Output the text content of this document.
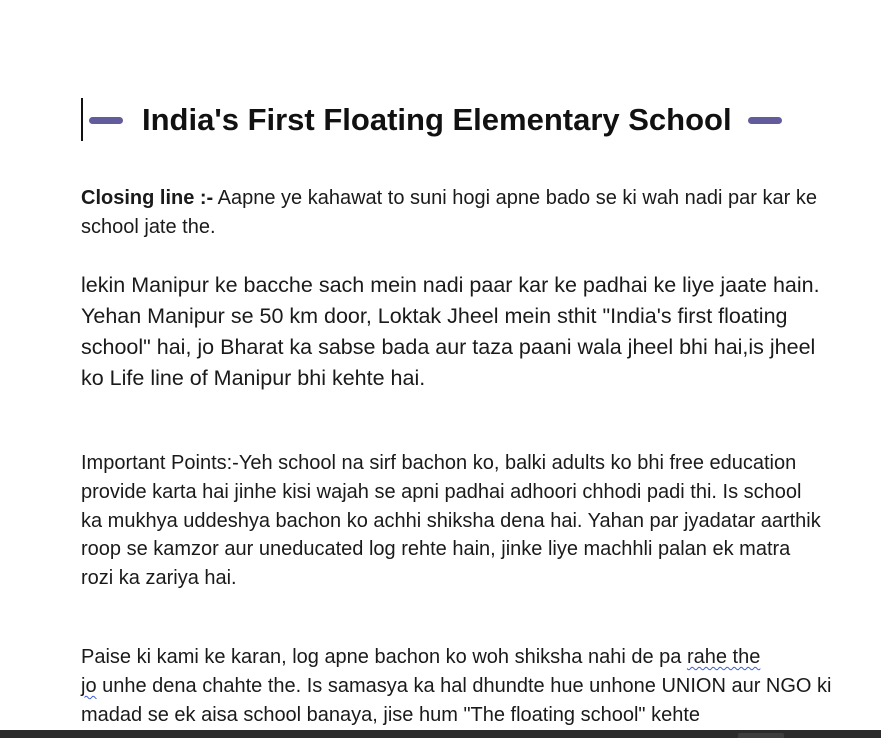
India's First Floating Elementary School

Closing line :- Aapne ye kahawat to suni hogi apne bado se ki wah nadi par kar ke school jate the.

lekin Manipur ke bacche sach mein nadi paar kar ke padhai ke liye jaate hain. Yehan Manipur se 50 km door, Loktak Jheel mein sthit "India's first floating school" hai, jo Bharat ka sabse bada aur taza paani wala jheel bhi hai,is jheel ko Life line of Manipur bhi kehte hai.

Important Points:-Yeh school na sirf bachon ko, balki adults ko bhi free education provide karta hai jinhe kisi wajah se apni padhai adhoori chhodi padi thi. Is school ka mukhya uddeshya bachon ko achhi shiksha dena hai. Yahan par jyadatar aarthik roop se kamzor aur uneducated log rehte hain, jinke liye machhli palan ek matra rozi ka zariya hai.

Paise ki kami ke karan, log apne bachon ko woh shiksha nahi de pa rahe the
jo unhe dena chahte the. Is samasya ka hal dhundte hue unhone UNION aur NGO ki madad se ek aisa school banaya, jise hum "The floating school" kehte
